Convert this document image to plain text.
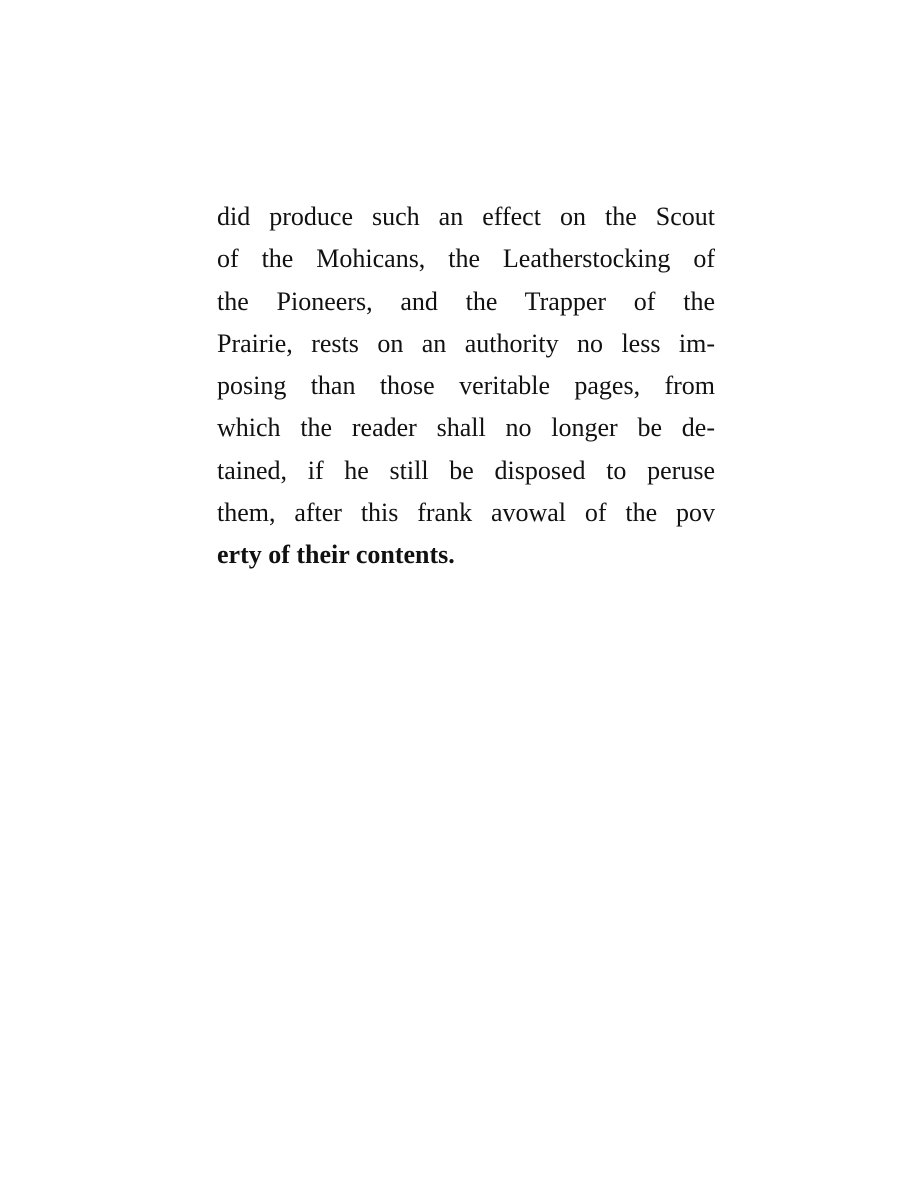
did produce such an effect on the Scout
of the Mohicans, the Leatherstocking of
the Pioneers, and the Trapper of the
Prairie, rests on an authority no less im-
posing than those veritable pages, from
which the reader shall no longer be de-
tained, if he still be disposed to peruse
them, after this frank avowal of the pov
erty of their contents.
